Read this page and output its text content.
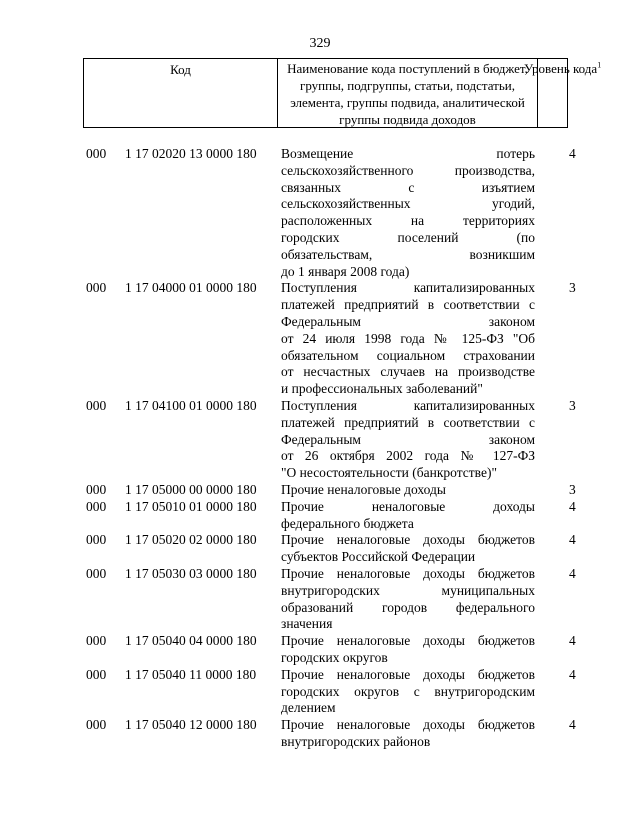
329
Код	Наименование кода поступлений в бюджет, группы, подгруппы, статьи, подстатьи, элемента, группы подвида, аналитической группы подвида доходов
Уровень кода$^1$
000 1 17 02020 13 0000 180 Возмещение потерь
сельскохозяйственного производства,
связанных с изъятием
сельскохозяйственных угодий,
расположенных на территориях
городских поселений (по
обязательствам, возникшим
до 1 января 2008 года)
4
000 1 17 04000 01 0000 180 Поступления капитализированных
платежей предприятий в соответствии с
Федеральным законом
от 24 июля 1998 года № 125-ФЗ "Об
обязательном социальном страховании
от несчастных случаев на производстве
и профессиональных заболеваний"
3
000 1 17 04100 01 0000 180 Поступления капитализированных
платежей предприятий в соответствии с
Федеральным законом
от 26 октября 2002 года № 127-ФЗ
"О несостоятельности (банкротстве)"
3
000 1 17 05000 00 0000 180 Прочие неналоговые доходы	3
000 1 17 05010 01 0000 180 Прочие неналоговые доходы
федерального бюджета
4
000 1 17 05020 02 0000 180 Прочие неналоговые доходы бюджетов
субъектов Российской Федерации
4
000 1 17 05030 03 0000 180 Прочие неналоговые доходы бюджетов
внутригородских муниципальных
образований городов федерального
значения
4
000 1 17 05040 04 0000 180 Прочие неналоговые доходы бюджетов
городских округов
4
000 1 17 05040 11 0000 180 Прочие неналоговые доходы бюджетов
городских округов с внутригородским
делением
4
000 1 17 05040 12 0000 180 Прочие неналоговые доходы бюджетов
внутригородских районов
4
